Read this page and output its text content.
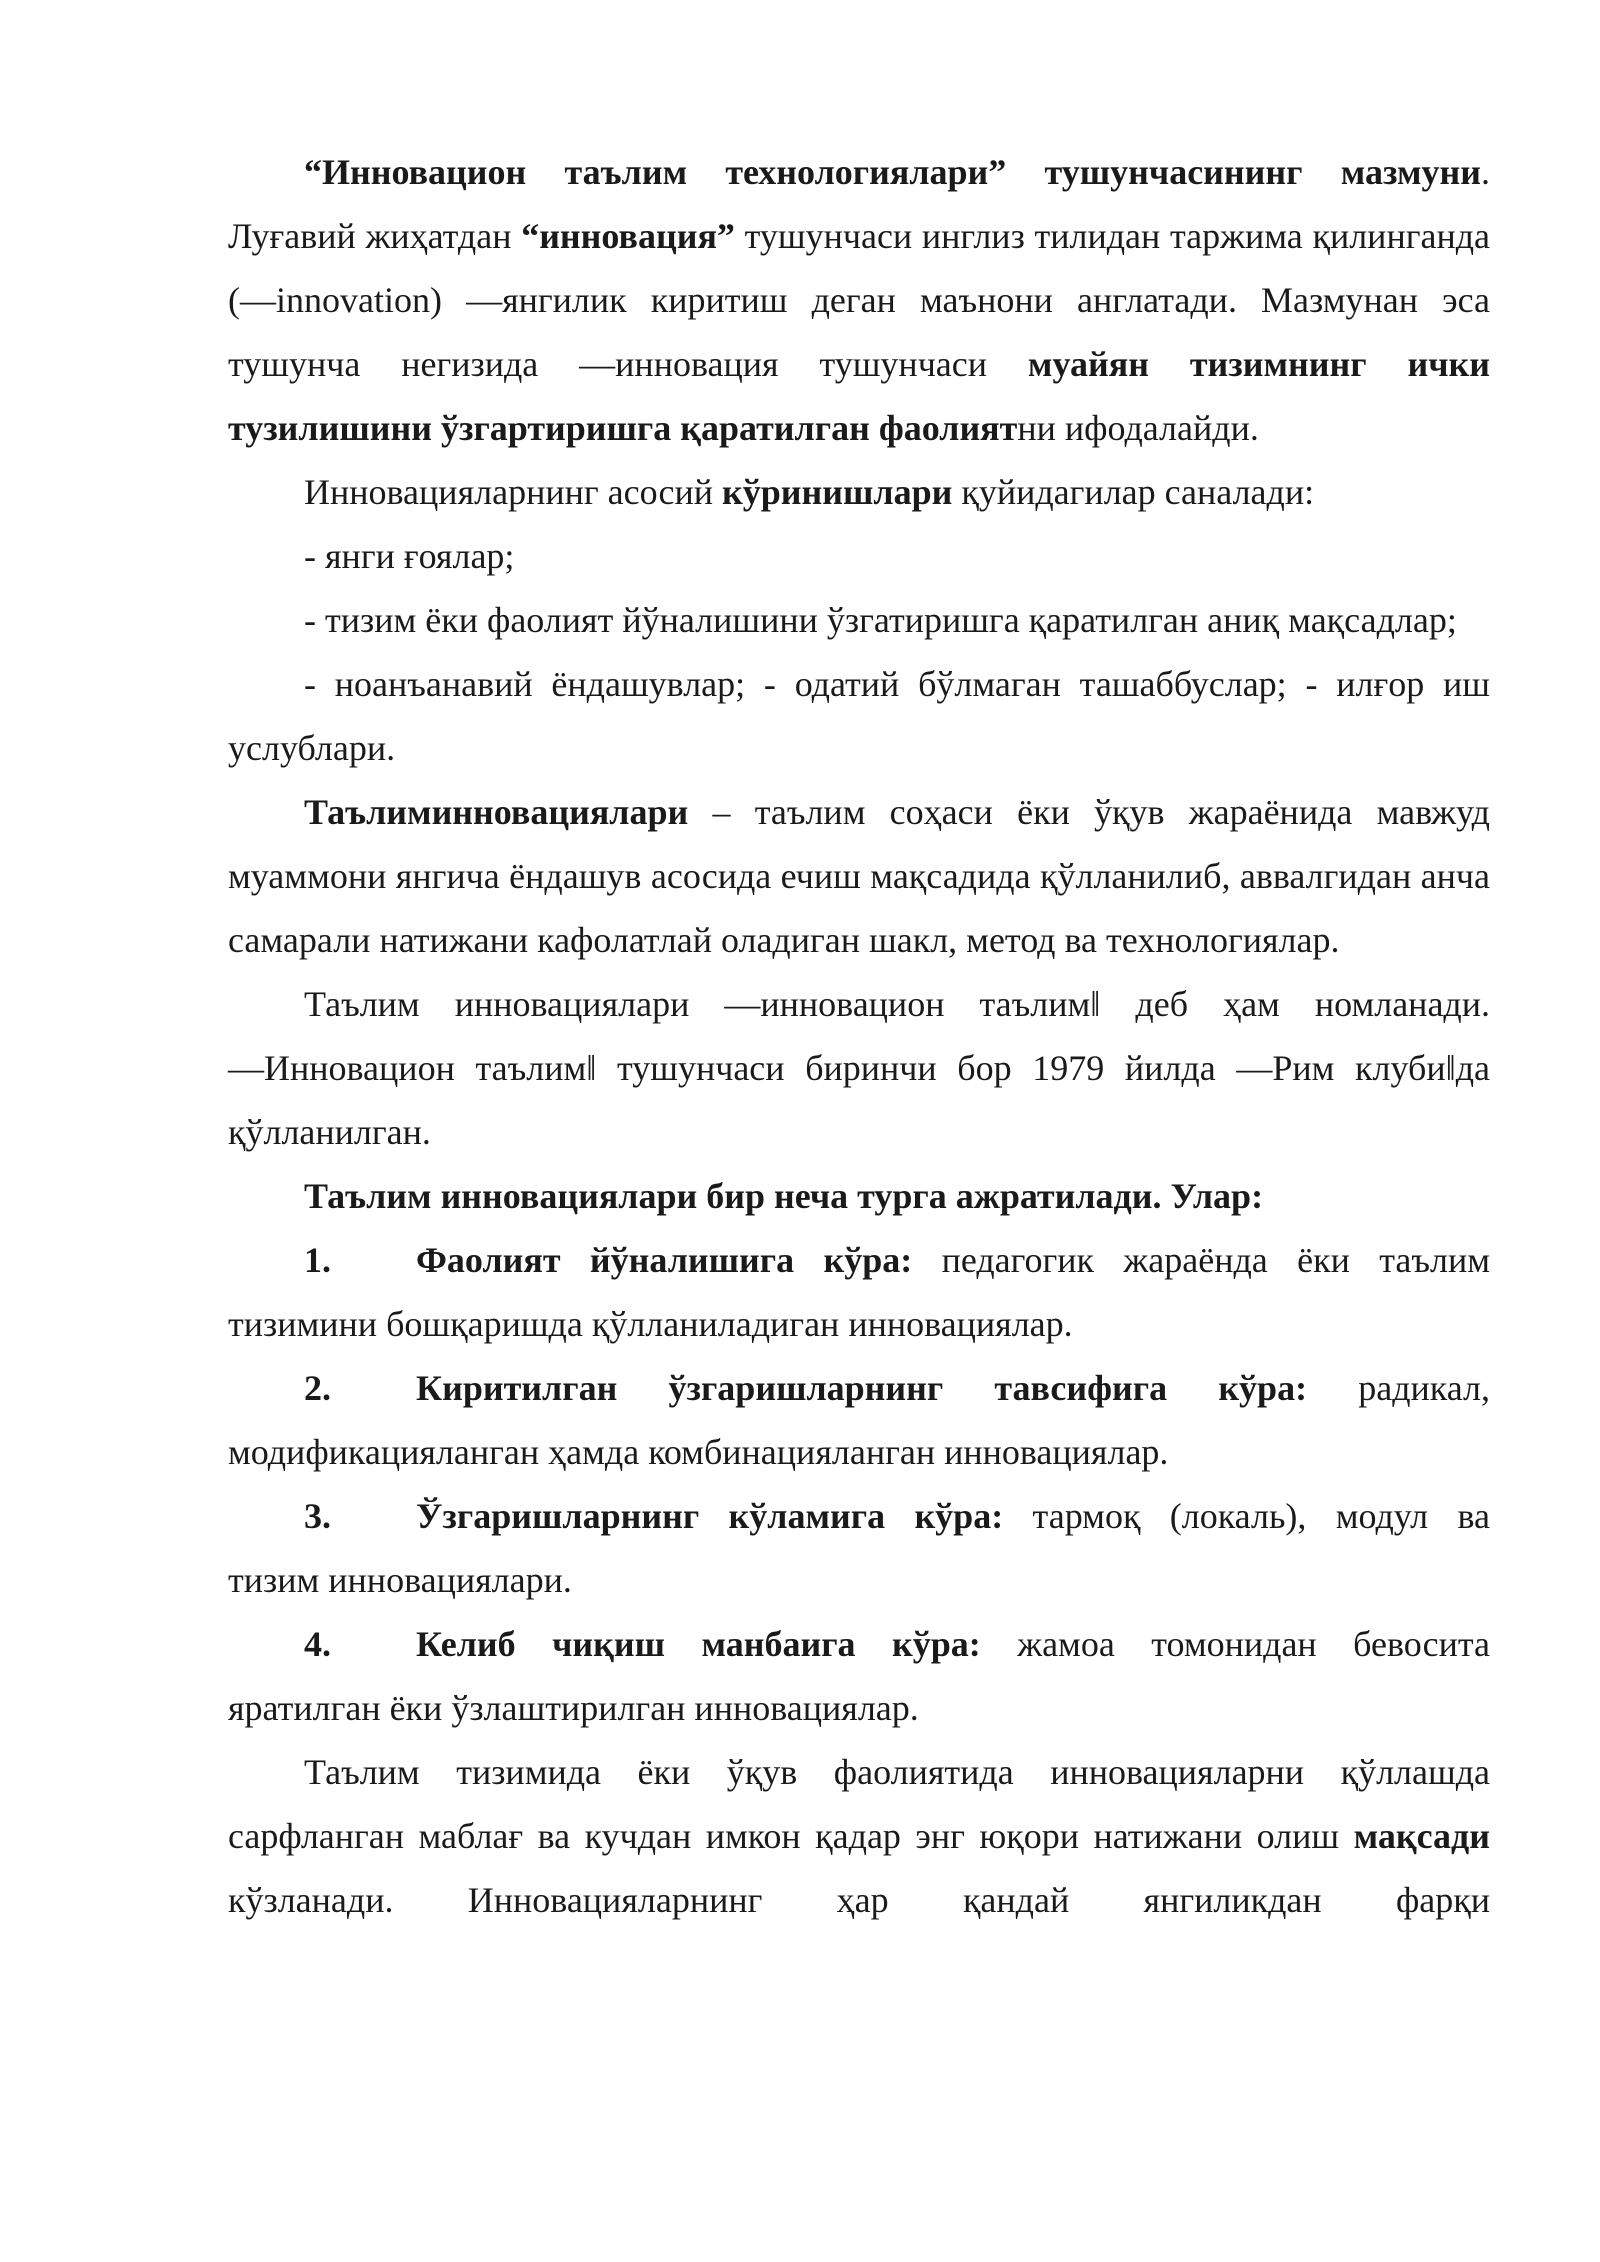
“Инновацион таълим технологиялари” тушунчасининг мазмуни. Луғавий жиҳатдан “инновация” тушунчаси инглиз тилидан таржима қилинганда (―innovation) ―янгилик киритиш деган маънони англатади. Мазмунан эса тушунча негизида ―инновация тушунчаси муайян тизимнинг ички тузилишини ўзгартиришга қаратилган фаолиятни ифодалайди.

Инновацияларнинг асосий кўринишлари қуйидагилар саналади:

- янги ғоялар;

- тизим ёки фаолият йўналишини ўзгатиришга қаратилган аниқ мақсадлар;

- ноанъанавий ёндашувлар; - одатий бўлмаган ташаббуслар; - илғор иш услублари.

Таълиминновациялари – таълим соҳаси ёки ўқув жараёнида мавжуд муаммони янгича ёндашув асосида ечиш мақсадида қўлланилиб, аввалгидан анча самарали натижани кафолатлай оладиган шакл, метод ва технологиялар.

Таълим инновациялари ―инновацион таълим‖ деб ҳам номланади. ―Инновацион таълим‖ тушунчаси биринчи бор 1979 йилда ―Рим клуби‖да қўлланилган.

Таълим инновациялари бир неча турга ажратилади. Улар:

1.	Фаолият йўналишига кўра: педагогик жараёнда ёки таълим

тизимини бошқаришда қўлланиладиган инновациялар.

2.	Киритилган ўзгаришларнинг тавсифига кўра: радикал,

модификацияланган ҳамда комбинацияланган инновациялар.

3.	Ўзгаришларнинг кўламига кўра: тармоқ (локаль), модул ва

тизим инновациялари.

4.	Келиб чиқиш манбаига кўра: жамоа томонидан бевосита

яратилган ёки ўзлаштирилган инновациялар.

Таълим тизимида ёки ўқув фаолиятида инновацияларни қўллашда сарфланган маблағ ва кучдан имкон қадар энг юқори натижани олиш мақсади кўзланади. Инновацияларнинг ҳар қандай янгиликдан фарқи
